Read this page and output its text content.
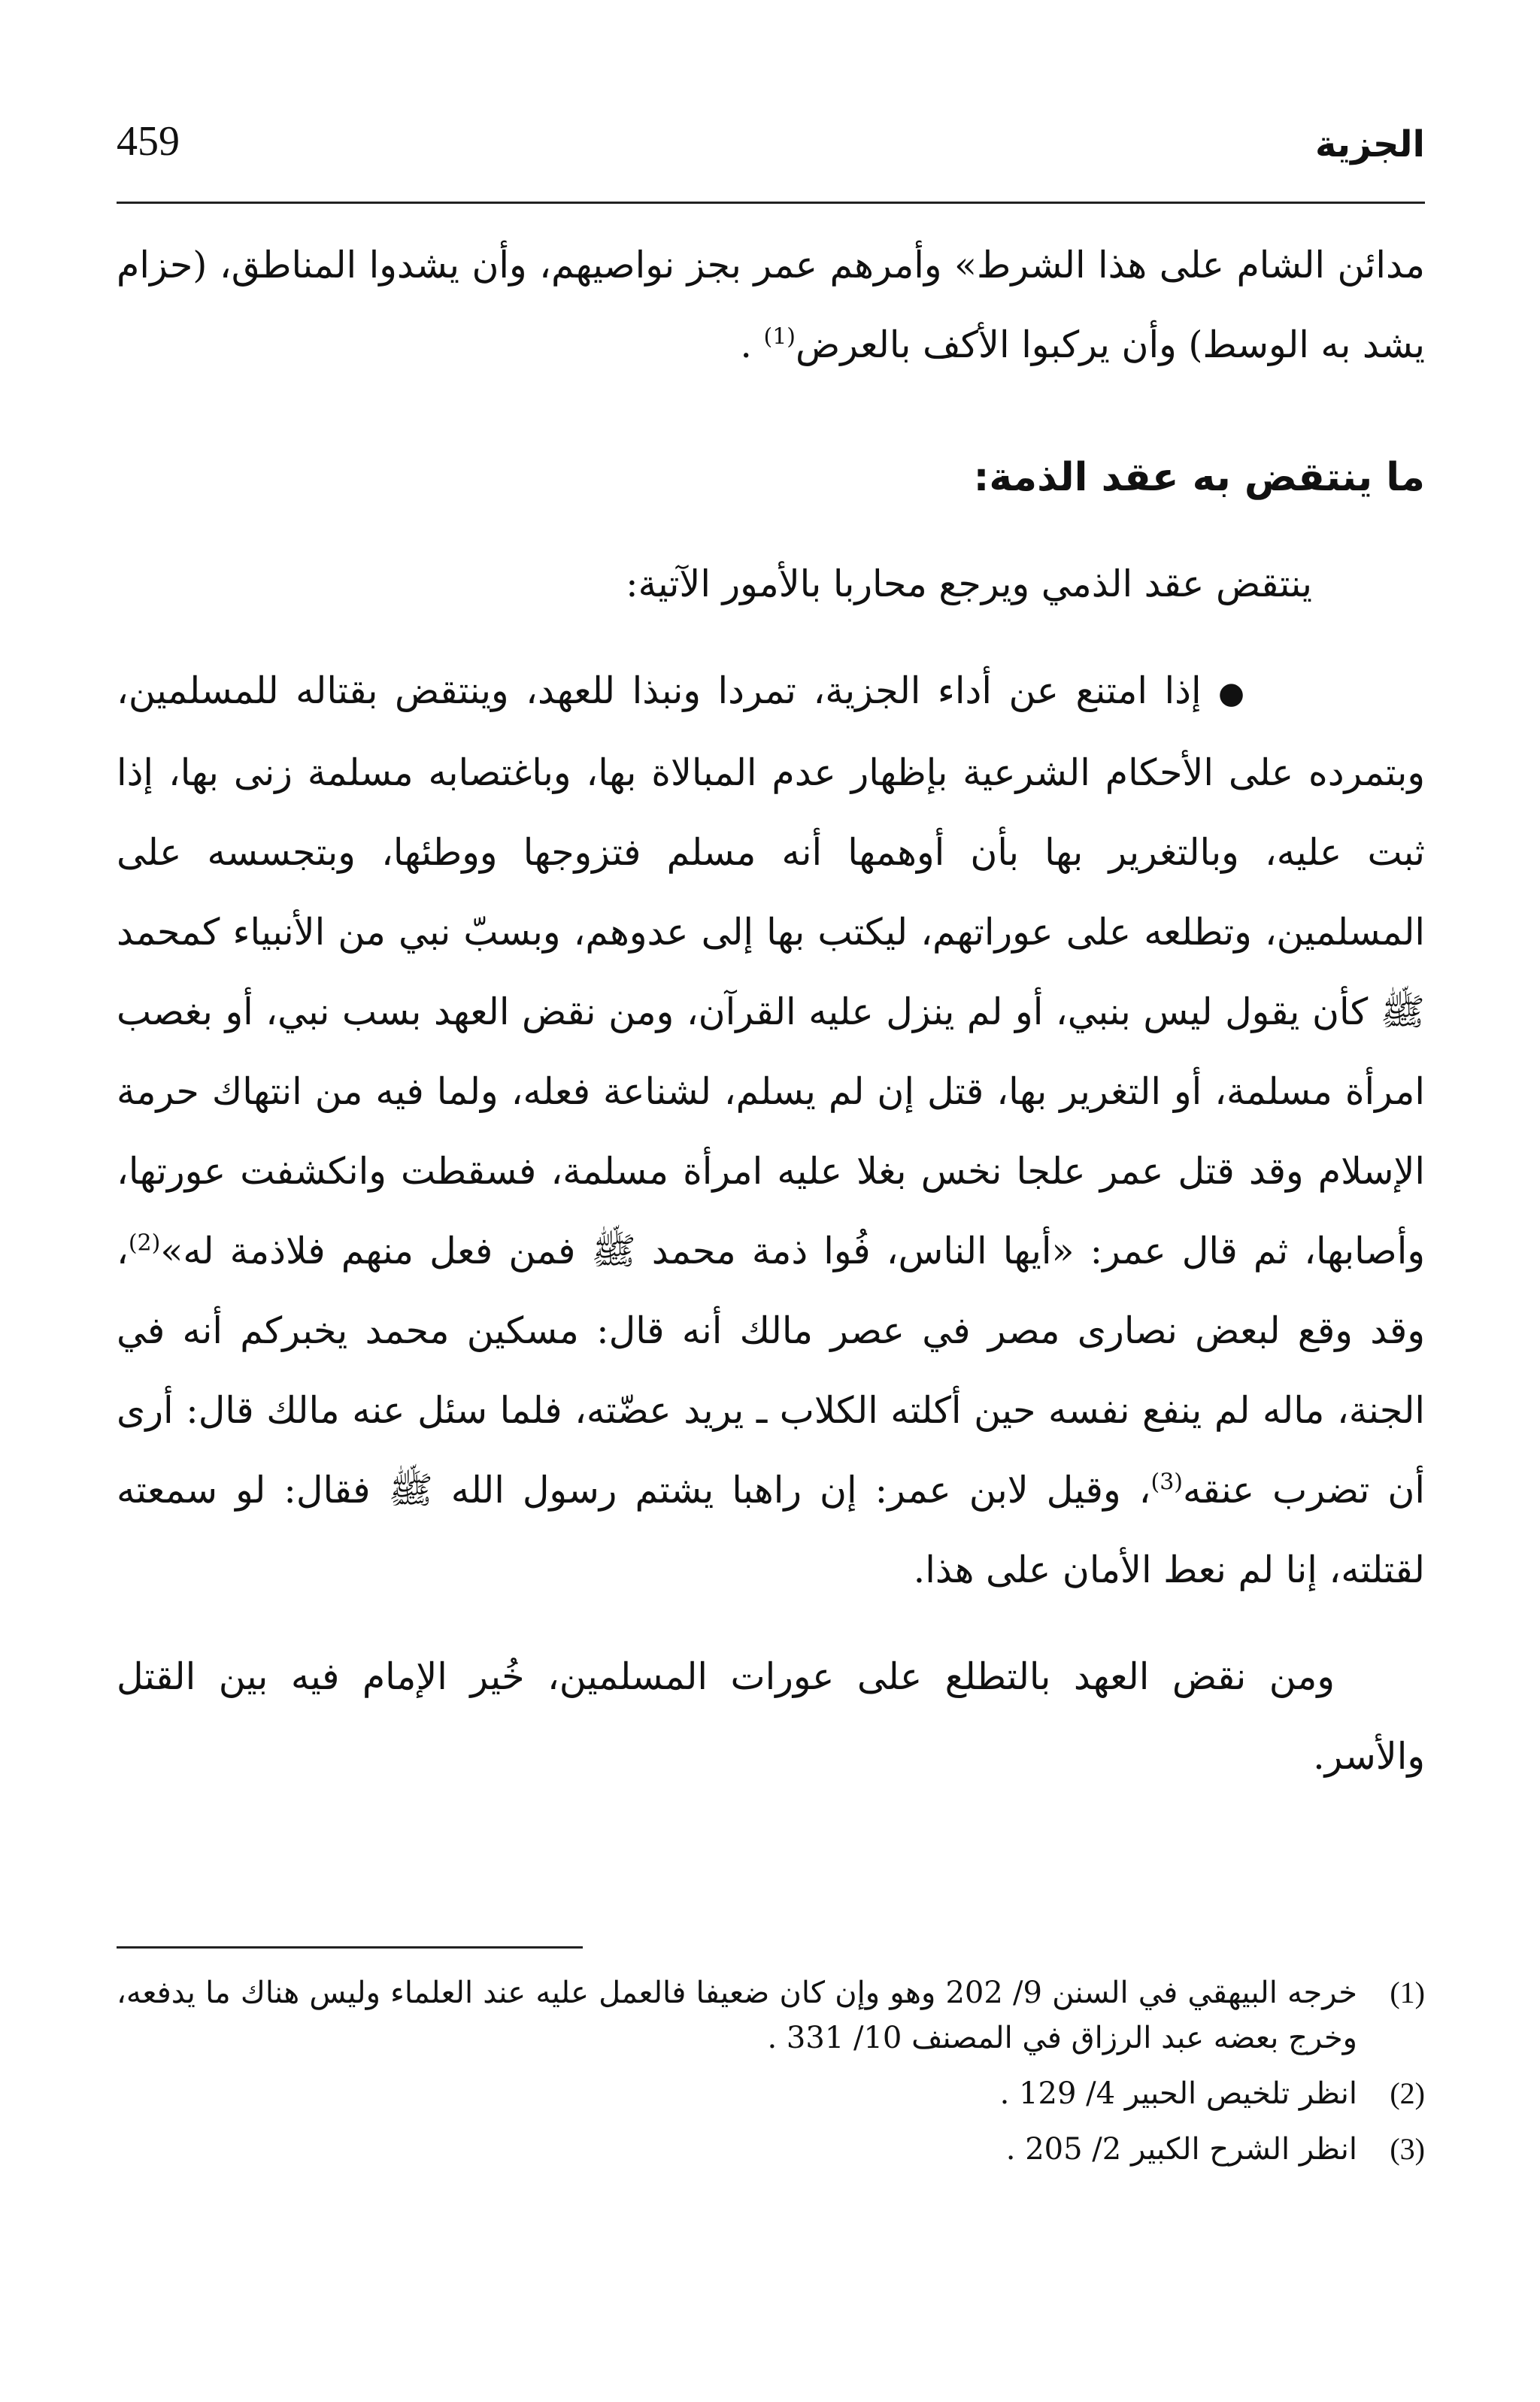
الجزية
459

مدائن الشام على هذا الشرط» وأمرهم عمر بجز نواصيهم، وأن يشدوا المناطق، (حزام يشد به الوسط) وأن يركبوا الأكف بالعرض$^{(1)}$ .

ما ينتقض به عقد الذمة:

ينتقض عقد الذمي ويرجع محاربا بالأمور الآتية:

● إذا امتنع عن أداء الجزية، تمردا ونبذا للعهد، وينتقض بقتاله للمسلمين، وبتمرده على الأحكام الشرعية بإظهار عدم المبالاة بها، وباغتصابه مسلمة زنى بها، إذا ثبت عليه، وبالتغرير بها بأن أوهمها أنه مسلم فتزوجها ووطئها، وبتجسسه على المسلمين، وتطلعه على عوراتهم، ليكتب بها إلى عدوهم، وبسبّ نبي من الأنبياء كمحمد ﷺ كأن يقول ليس بنبي، أو لم ينزل عليه القرآن، ومن نقض العهد بسب نبي، أو بغصب امرأة مسلمة، أو التغرير بها، قتل إن لم يسلم، لشناعة فعله، ولما فيه من انتهاك حرمة الإسلام وقد قتل عمر علجا نخس بغلا عليه امرأة مسلمة، فسقطت وانكشفت عورتها، وأصابها، ثم قال عمر: «أيها الناس، فُوا ذمة محمد ﷺ فمن فعل منهم فلاذمة له»$^{(2)}$، وقد وقع لبعض نصارى مصر في عصر مالك أنه قال: مسكين محمد يخبركم أنه في الجنة، ماله لم ينفع نفسه حين أكلته الكلاب ـ يريد عضّته، فلما سئل عنه مالك قال: أرى أن تضرب عنقه$^{(3)}$، وقيل لابن عمر: إن راهبا يشتم رسول الله ﷺ فقال: لو سمعته لقتلته، إنا لم نعط الأمان على هذا.

ومن نقض العهد بالتطلع على عورات المسلمين، خُير الإمام فيه بين القتل والأسر.

(1)
خرجه البيهقي في السنن 9/ 202 وهو وإن كان ضعيفا فالعمل عليه عند العلماء وليس هناك ما يدفعه، وخرج بعضه عبد الرزاق في المصنف 10/ 331 .
(2)
انظر تلخيص الحبير 4/ 129 .
(3)
انظر الشرح الكبير 2/ 205 .
